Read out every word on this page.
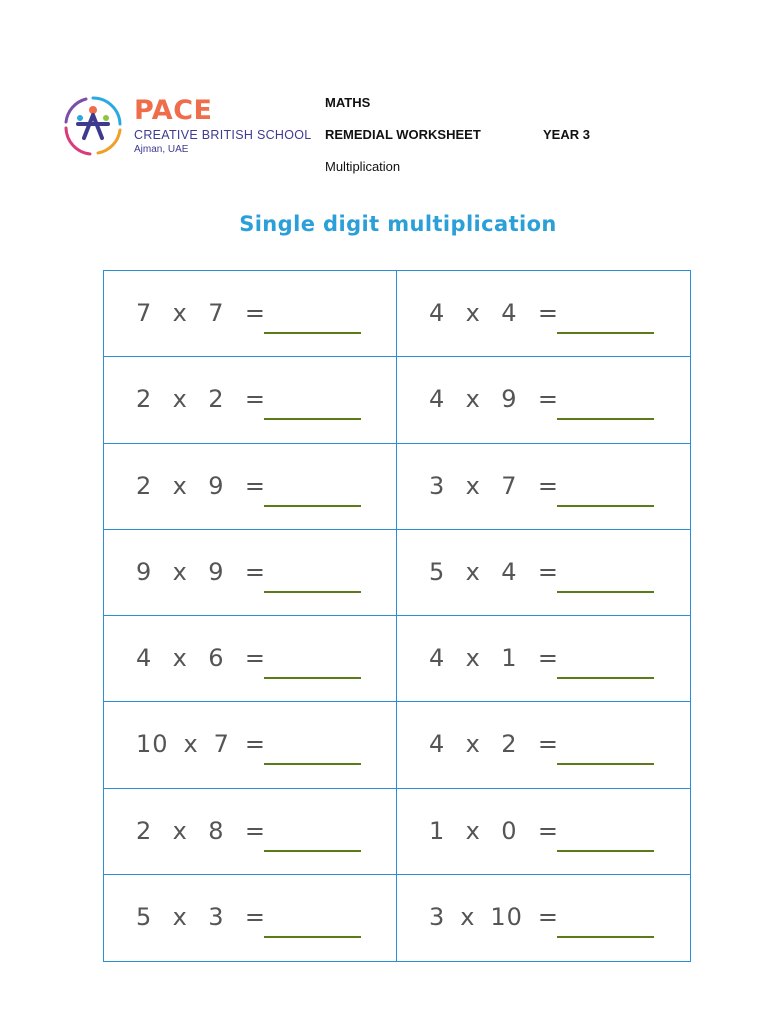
PACE
CREATIVE BRITISH SCHOOL
Ajman, UAE
MATHS
REMEDIAL WORKSHEET	YEAR 3
Multiplication
Single digit multiplication
7 x 7 =	4 x 4 =
2 x 2 =	4 x 9 =
2 x 9 =	3 x 7 =
9 x 9 =	5 x 4 =
4 x 6 =	4 x 1 =
10 x 7 =	4 x 2 =
2 x 8 =	1 x 0 =
5 x 3 =	3 x 10 =
